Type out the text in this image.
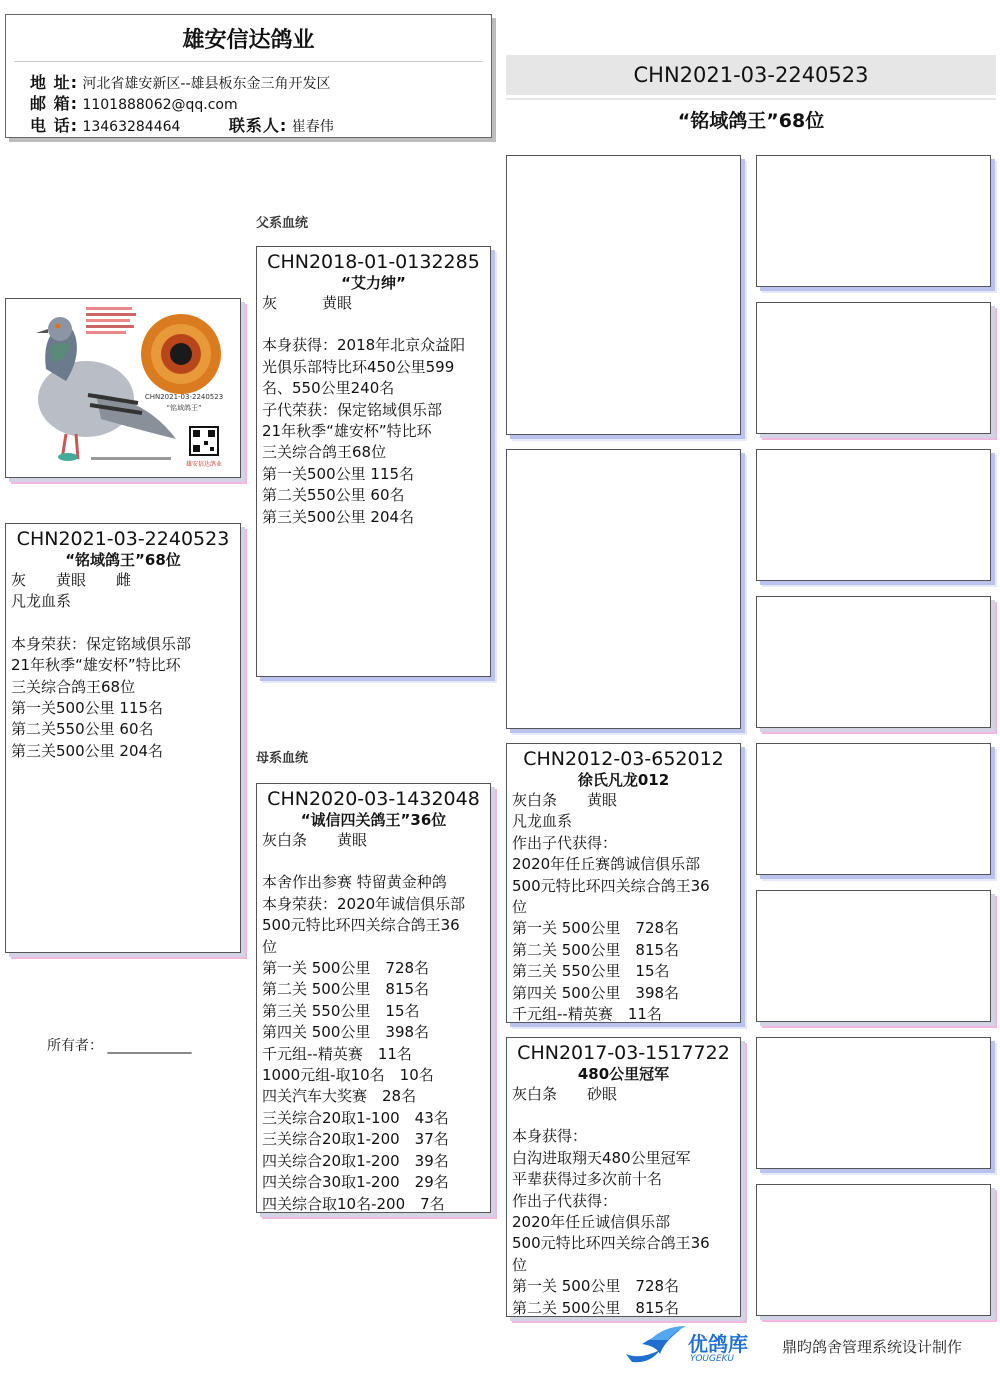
雄安信达鸽业
地 址: 河北省雄安新区--雄县板东金三角开发区
邮 箱: 1101888062@qq.com
电 话: 13463284464	联系人: 崔春伟
CHN2021-03-2240523
“铭域鸽王”68位
父系血统
母系血统
CHN2021-03-2240523
“铭域鸽王”
雄安信达鸽业
CHN2021-03-2240523
“铭域鸽王”68位
灰　　黄眼　　雌
凡龙血系
本身荣获：保定铭域俱乐部
21年秋季“雄安杯”特比环
三关综合鸽王68位
第一关500公里 115名
第二关550公里 60名
第三关500公里 204名
所有者： ____________
CHN2018-01-0132285
“艾力绅”
灰　　　黄眼
本身获得：2018年北京众益阳
光俱乐部特比环450公里599
名、550公里240名
子代荣获：保定铭域俱乐部
21年秋季“雄安杯”特比环
三关综合鸽王68位
第一关500公里 115名
第二关550公里 60名
第三关500公里 204名
CHN2020-03-1432048
“诚信四关鸽王”36位
灰白条　　黄眼
本舍作出参赛 特留黄金种鸽
本身荣获：2020年诚信俱乐部
500元特比环四关综合鸽王36
位
第一关 500公里　728名
第二关 500公里　815名
第三关 550公里　15名
第四关 500公里　398名
千元组--精英赛　11名
1000元组-取10名　10名
四关汽车大奖赛　28名
三关综合20取1-100　43名
三关综合20取1-200　37名
四关综合20取1-200　39名
四关综合30取1-200　29名
四关综合取10名-200　7名
CHN2012-03-652012
徐氏凡龙012
灰白条　　黄眼
凡龙血系
作出子代获得：
2020年任丘赛鸽诚信俱乐部
500元特比环四关综合鸽王36
位
第一关 500公里　728名
第二关 500公里　815名
第三关 550公里　15名
第四关 500公里　398名
千元组--精英赛　11名
CHN2017-03-1517722
480公里冠军
灰白条　　砂眼
本身获得：
白沟进取翔天480公里冠军
平辈获得过多次前十名
作出子代获得：
2020年任丘诚信俱乐部
500元特比环四关综合鸽王36
位
第一关 500公里　728名
第二关 500公里　815名
优鸽库
YOUGEKU
鼎昀鸽舍管理系统设计制作
